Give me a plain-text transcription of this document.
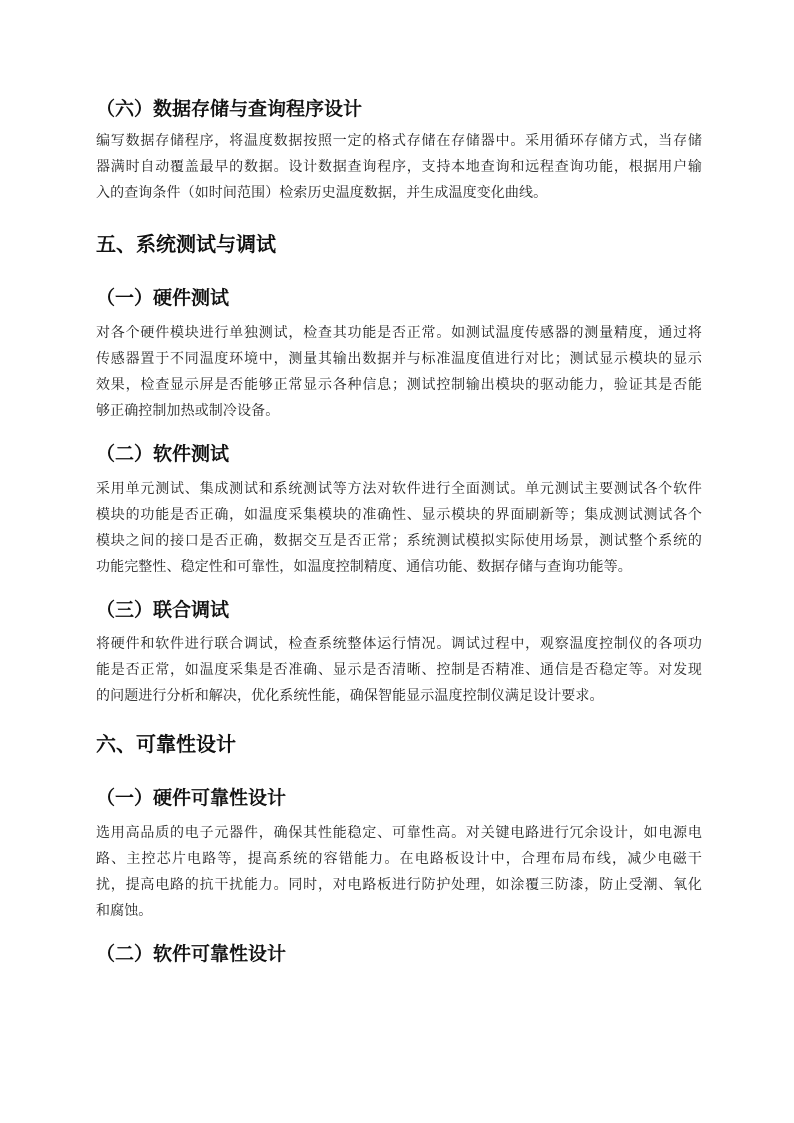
（六）数据存储与查询程序设计
编写数据存储程序，将温度数据按照一定的格式存储在存储器中。采用循环存储方式，当存储
器满时自动覆盖最早的数据。设计数据查询程序，支持本地查询和远程查询功能，根据用户输
入的查询条件（如时间范围）检索历史温度数据，并生成温度变化曲线。
五、系统测试与调试
（一）硬件测试
对各个硬件模块进行单独测试，检查其功能是否正常。如测试温度传感器的测量精度，通过将
传感器置于不同温度环境中，测量其输出数据并与标准温度值进行对比；测试显示模块的显示
效果，检查显示屏是否能够正常显示各种信息；测试控制输出模块的驱动能力，验证其是否能
够正确控制加热或制冷设备。
（二）软件测试
采用单元测试、集成测试和系统测试等方法对软件进行全面测试。单元测试主要测试各个软件
模块的功能是否正确，如温度采集模块的准确性、显示模块的界面刷新等；集成测试测试各个
模块之间的接口是否正确，数据交互是否正常；系统测试模拟实际使用场景，测试整个系统的
功能完整性、稳定性和可靠性，如温度控制精度、通信功能、数据存储与查询功能等。
（三）联合调试
将硬件和软件进行联合调试，检查系统整体运行情况。调试过程中，观察温度控制仪的各项功
能是否正常，如温度采集是否准确、显示是否清晰、控制是否精准、通信是否稳定等。对发现
的问题进行分析和解决，优化系统性能，确保智能显示温度控制仪满足设计要求。
六、可靠性设计
（一）硬件可靠性设计
选用高品质的电子元器件，确保其性能稳定、可靠性高。对关键电路进行冗余设计，如电源电
路、主控芯片电路等，提高系统的容错能力。在电路板设计中，合理布局布线，减少电磁干
扰，提高电路的抗干扰能力。同时，对电路板进行防护处理，如涂覆三防漆，防止受潮、氧化
和腐蚀。
（二）软件可靠性设计
